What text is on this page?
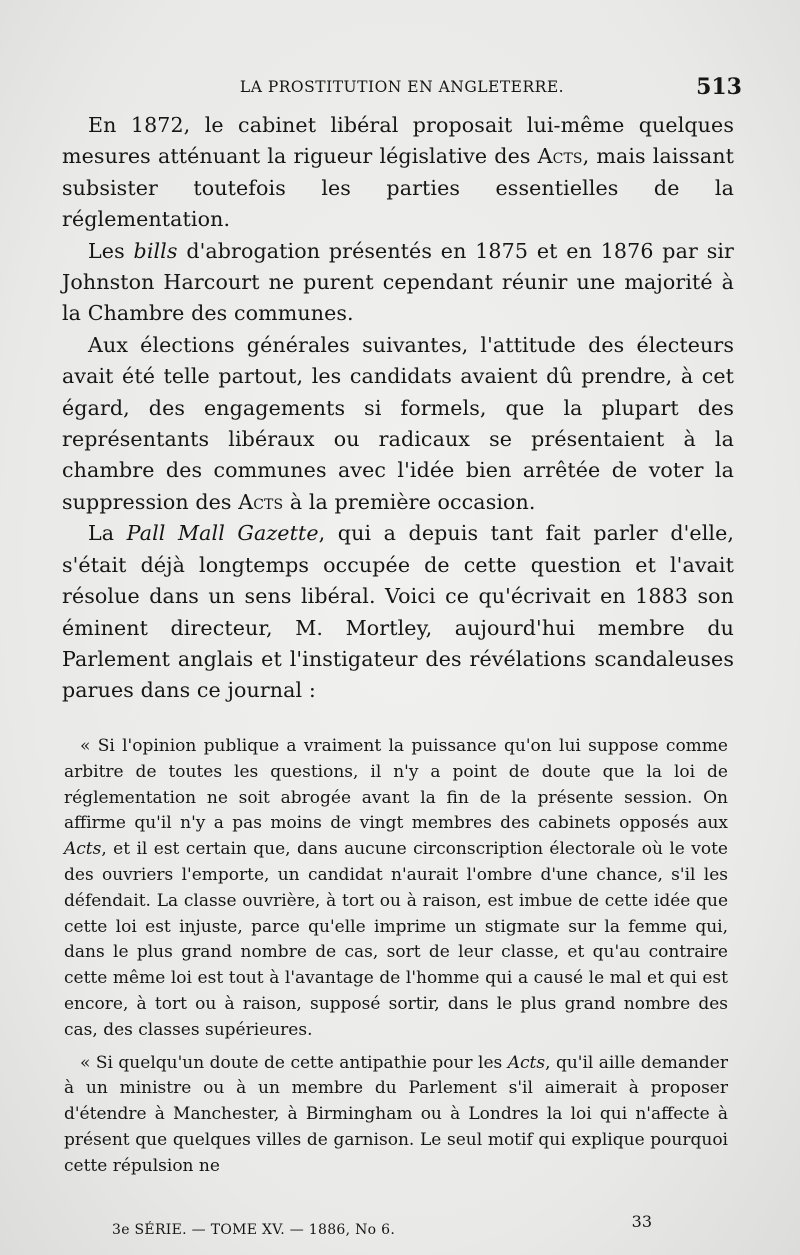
LA PROSTITUTION EN ANGLETERRE.	513

En 1872, le cabinet libéral proposait lui-même quelques mesures atténuant la rigueur législative des Acts, mais laissant subsister toutefois les parties essentielles de la réglementation.

Les bills d'abrogation présentés en 1875 et en 1876 par sir Johnston Harcourt ne purent cependant réunir une majorité à la Chambre des communes.

Aux élections générales suivantes, l'attitude des électeurs avait été telle partout, les candidats avaient dû prendre, à cet égard, des engagements si formels, que la plupart des représentants libéraux ou radicaux se présentaient à la chambre des communes avec l'idée bien arrêtée de voter la suppression des Acts à la première occasion.

La Pall Mall Gazette, qui a depuis tant fait parler d'elle, s'était déjà longtemps occupée de cette question et l'avait résolue dans un sens libéral. Voici ce qu'écrivait en 1883 son éminent directeur, M. Mortley, aujourd'hui membre du Parlement anglais et l'instigateur des révélations scandaleuses parues dans ce journal :

« Si l'opinion publique a vraiment la puissance qu'on lui suppose comme arbitre de toutes les questions, il n'y a point de doute que la loi de réglementation ne soit abrogée avant la fin de la présente session. On affirme qu'il n'y a pas moins de vingt membres des cabinets opposés aux Acts, et il est certain que, dans aucune circonscription électorale où le vote des ouvriers l'emporte, un candidat n'aurait l'ombre d'une chance, s'il les défendait. La classe ouvrière, à tort ou à raison, est imbue de cette idée que cette loi est injuste, parce qu'elle imprime un stigmate sur la femme qui, dans le plus grand nombre de cas, sort de leur classe, et qu'au contraire cette même loi est tout à l'avantage de l'homme qui a causé le mal et qui est encore, à tort ou à raison, supposé sortir, dans le plus grand nombre des cas, des classes supérieures.

« Si quelqu'un doute de cette antipathie pour les Acts, qu'il aille demander à un ministre ou à un membre du Parlement s'il aimerait à proposer d'étendre à Manchester, à Birmingham ou à Londres la loi qui n'affecte à présent que quelques villes de garnison. Le seul motif qui explique pourquoi cette répulsion ne

3e SÉRIE. — TOME XV. — 1886, No 6.	33
